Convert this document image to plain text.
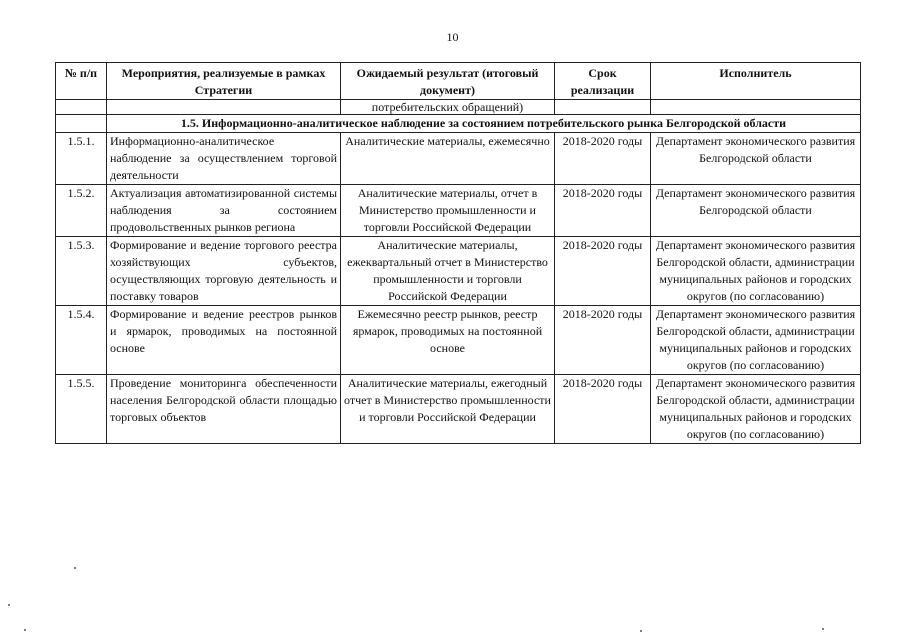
10
№ п/п	Мероприятия, реализуемые в рамках Стратегии	Ожидаемый результат (итоговый документ)	Срок реализации	Исполнитель
		потребительских обращений)		
	1.5. Информационно-аналитическое наблюдение за состоянием потребительского рынка Белгородской области			
1.5.1.	Информационно-аналитическое наблюдение за осуществлением торговой деятельности	Аналитические материалы, ежемесячно	2018-2020 годы	Департамент экономического развития Белгородской области
1.5.2.	Актуализация автоматизированной системы наблюдения за состоянием продовольственных рынков региона	Аналитические материалы, отчет в Министерство промышленности и торговли Российской Федерации	2018-2020 годы	Департамент экономического развития Белгородской области
1.5.3.	Формирование и ведение торгового реестра хозяйствующих субъектов, осуществляющих торговую деятельность и поставку товаров	Аналитические материалы, ежеквартальный отчет в Министерство промышленности и торговли Российской Федерации	2018-2020 годы	Департамент экономического развития Белгородской области, администрации муниципальных районов и городских округов (по согласованию)
1.5.4.	Формирование и ведение реестров рынков и ярмарок, проводимых на постоянной основе	Ежемесячно реестр рынков, реестр ярмарок, проводимых на постоянной основе	2018-2020 годы	Департамент экономического развития Белгородской области, администрации муниципальных районов и городских округов (по согласованию)
1.5.5.	Проведение мониторинга обеспеченности населения Белгородской области площадью торговых объектов	Аналитические материалы, ежегодный отчет в Министерство промышленности и торговли Российской Федерации	2018-2020 годы	Департамент экономического развития Белгородской области, администрации муниципальных районов и городских округов (по согласованию)
